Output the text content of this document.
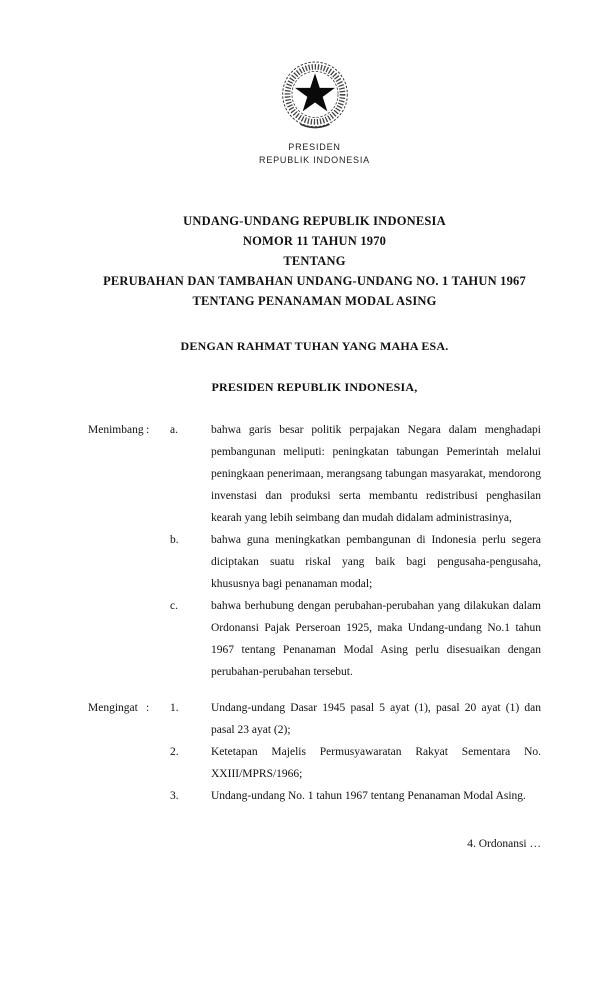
PRESIDEN
REPUBLIK INDONESIA
UNDANG-UNDANG REPUBLIK INDONESIA
NOMOR 11 TAHUN 1970
TENTANG
PERUBAHAN DAN TAMBAHAN UNDANG-UNDANG NO. 1 TAHUN 1967
TENTANG PENANAMAN MODAL ASING
DENGAN RAHMAT TUHAN YANG MAHA ESA.
PRESIDEN REPUBLIK INDONESIA,
Menimbang :	a.	bahwa garis besar politik perpajakan Negara dalam menghadapi pembangunan meliputi: peningkatan tabungan Pemerintah melalui peningkaan penerimaan, merangsang tabungan masyarakat, mendorong invenstasi dan produksi serta membantu redistribusi penghasilan kearah yang lebih seimbang dan mudah didalam administrasinya,
b.	bahwa guna meningkatkan pembangunan di Indonesia perlu segera diciptakan suatu riskal yang baik bagi pengusaha-pengusaha, khususnya bagi penanaman modal;
c.	bahwa berhubung dengan perubahan-perubahan yang dilakukan dalam Ordonansi Pajak Perseroan 1925, maka Undang-undang No.1 tahun 1967 tentang Penanaman Modal Asing perlu disesuaikan dengan perubahan-perubahan tersebut.
Mengingat :	1.	Undang-undang Dasar 1945 pasal 5 ayat (1), pasal 20 ayat (1) dan pasal 23 ayat (2);
2.	Ketetapan Majelis Permusyawaratan Rakyat Sementara No. XXIII/MPRS/1966;
3.	Undang-undang No. 1 tahun 1967 tentang Penanaman Modal Asing.
4. Ordonansi …
